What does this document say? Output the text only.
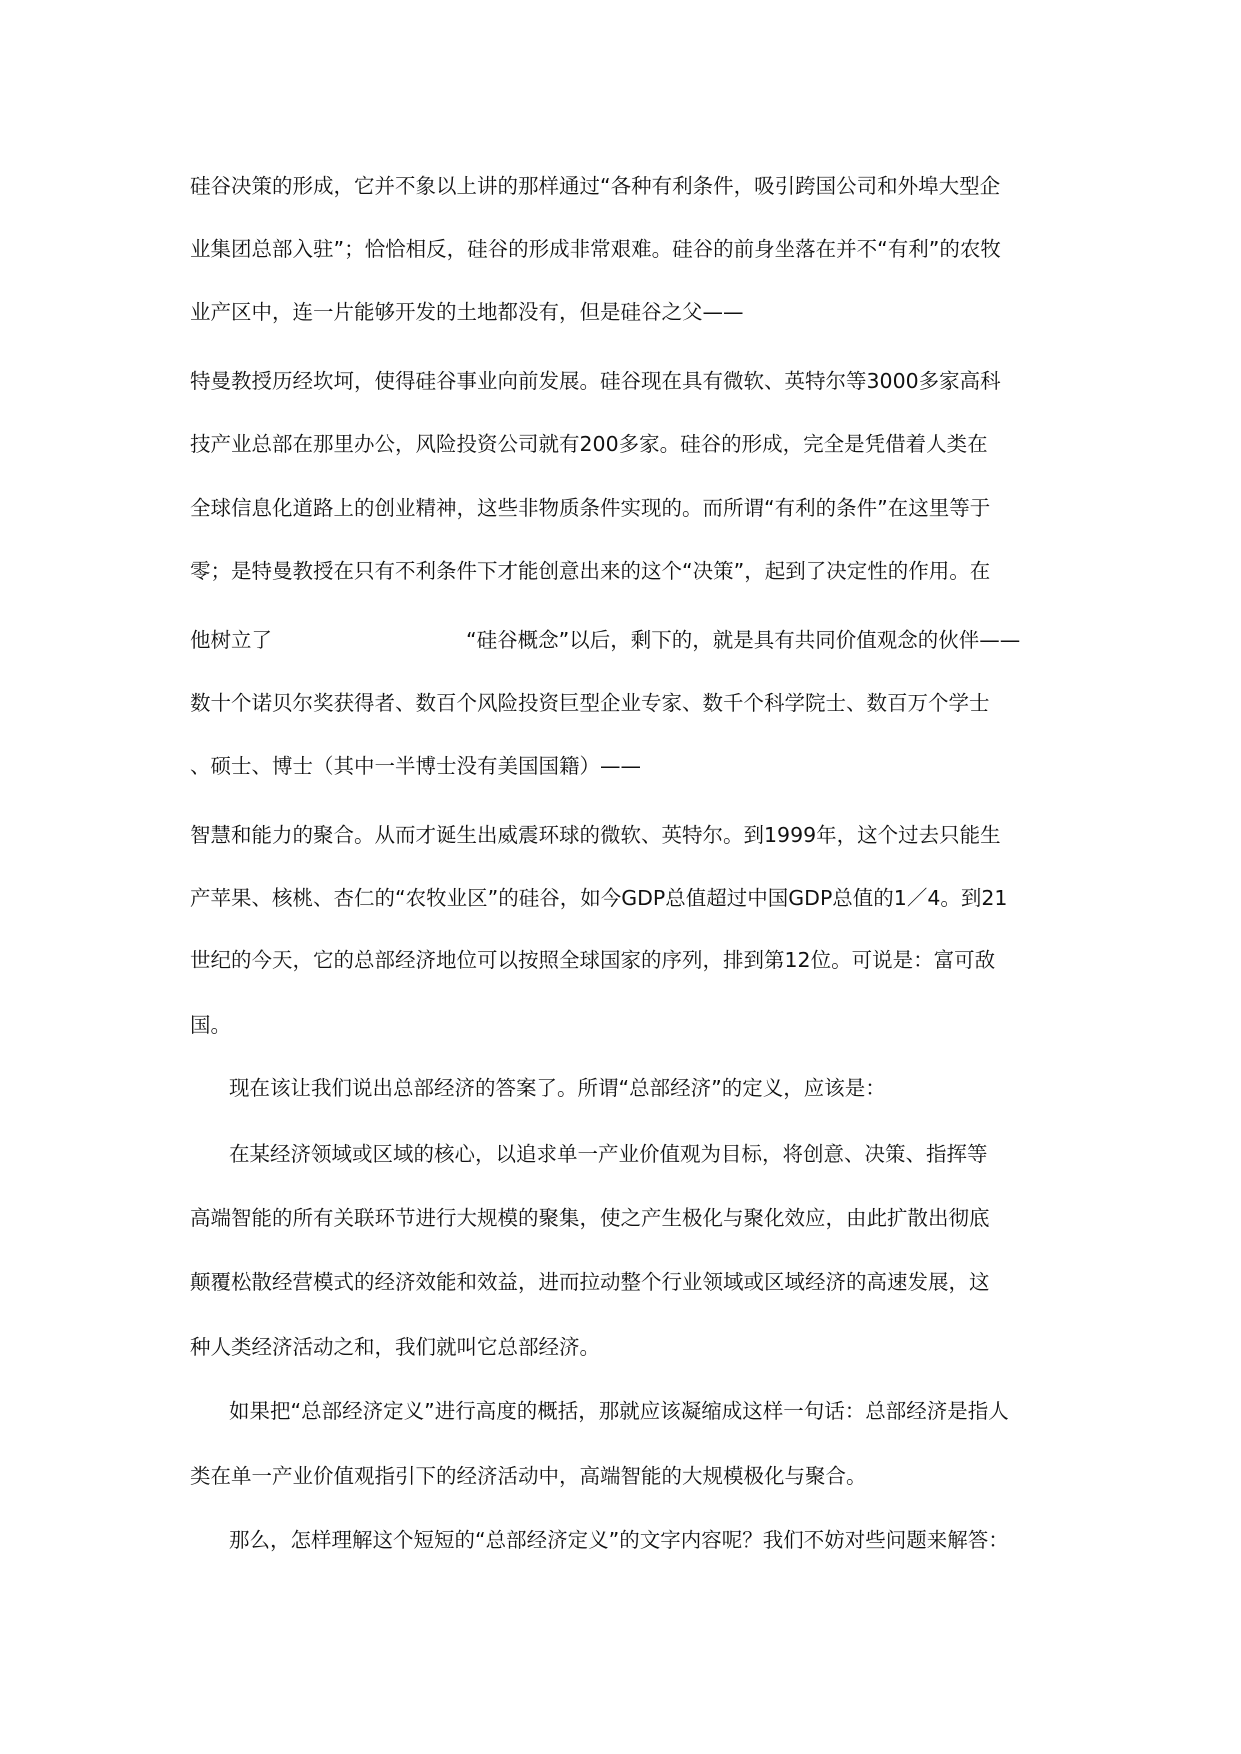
硅谷决策的形成，它并不象以上讲的那样通过“各种有利条件，吸引跨国公司和外埠大型企

业集团总部入驻”；恰恰相反，硅谷的形成非常艰难。硅谷的前身坐落在并不“有利”的农牧

业产区中，连一片能够开发的土地都没有，但是硅谷之父——

特曼教授历经坎坷，使得硅谷事业向前发展。硅谷现在具有微软、英特尔等3000多家高科

技产业总部在那里办公，风险投资公司就有200多家。硅谷的形成，完全是凭借着人类在

全球信息化道路上的创业精神，这些非物质条件实现的。而所谓“有利的条件”在这里等于

零；是特曼教授在只有不利条件下才能创意出来的这个“决策”，起到了决定性的作用。在

他树立了	“硅谷概念”以后，剩下的，就是具有共同价值观念的伙伴——

数十个诺贝尔奖获得者、数百个风险投资巨型企业专家、数千个科学院士、数百万个学士

、硕士、博士（其中一半博士没有美国国籍）——

智慧和能力的聚合。从而才诞生出威震环球的微软、英特尔。到1999年，这个过去只能生

产苹果、核桃、杏仁的“农牧业区”的硅谷，如今GDP总值超过中国GDP总值的1／4。到21

世纪的今天，它的总部经济地位可以按照全球国家的序列，排到第12位。可说是：富可敌

国。

现在该让我们说出总部经济的答案了。所谓“总部经济”的定义，应该是：

在某经济领域或区域的核心，以追求单一产业价值观为目标，将创意、决策、指挥等

高端智能的所有关联环节进行大规模的聚集，使之产生极化与聚化效应，由此扩散出彻底

颠覆松散经营模式的经济效能和效益，进而拉动整个行业领域或区域经济的高速发展，这

种人类经济活动之和，我们就叫它总部经济。

如果把“总部经济定义”进行高度的概括，那就应该凝缩成这样一句话：总部经济是指人

类在单一产业价值观指引下的经济活动中，高端智能的大规模极化与聚合。

那么，怎样理解这个短短的“总部经济定义”的文字内容呢？我们不妨对些问题来解答：
